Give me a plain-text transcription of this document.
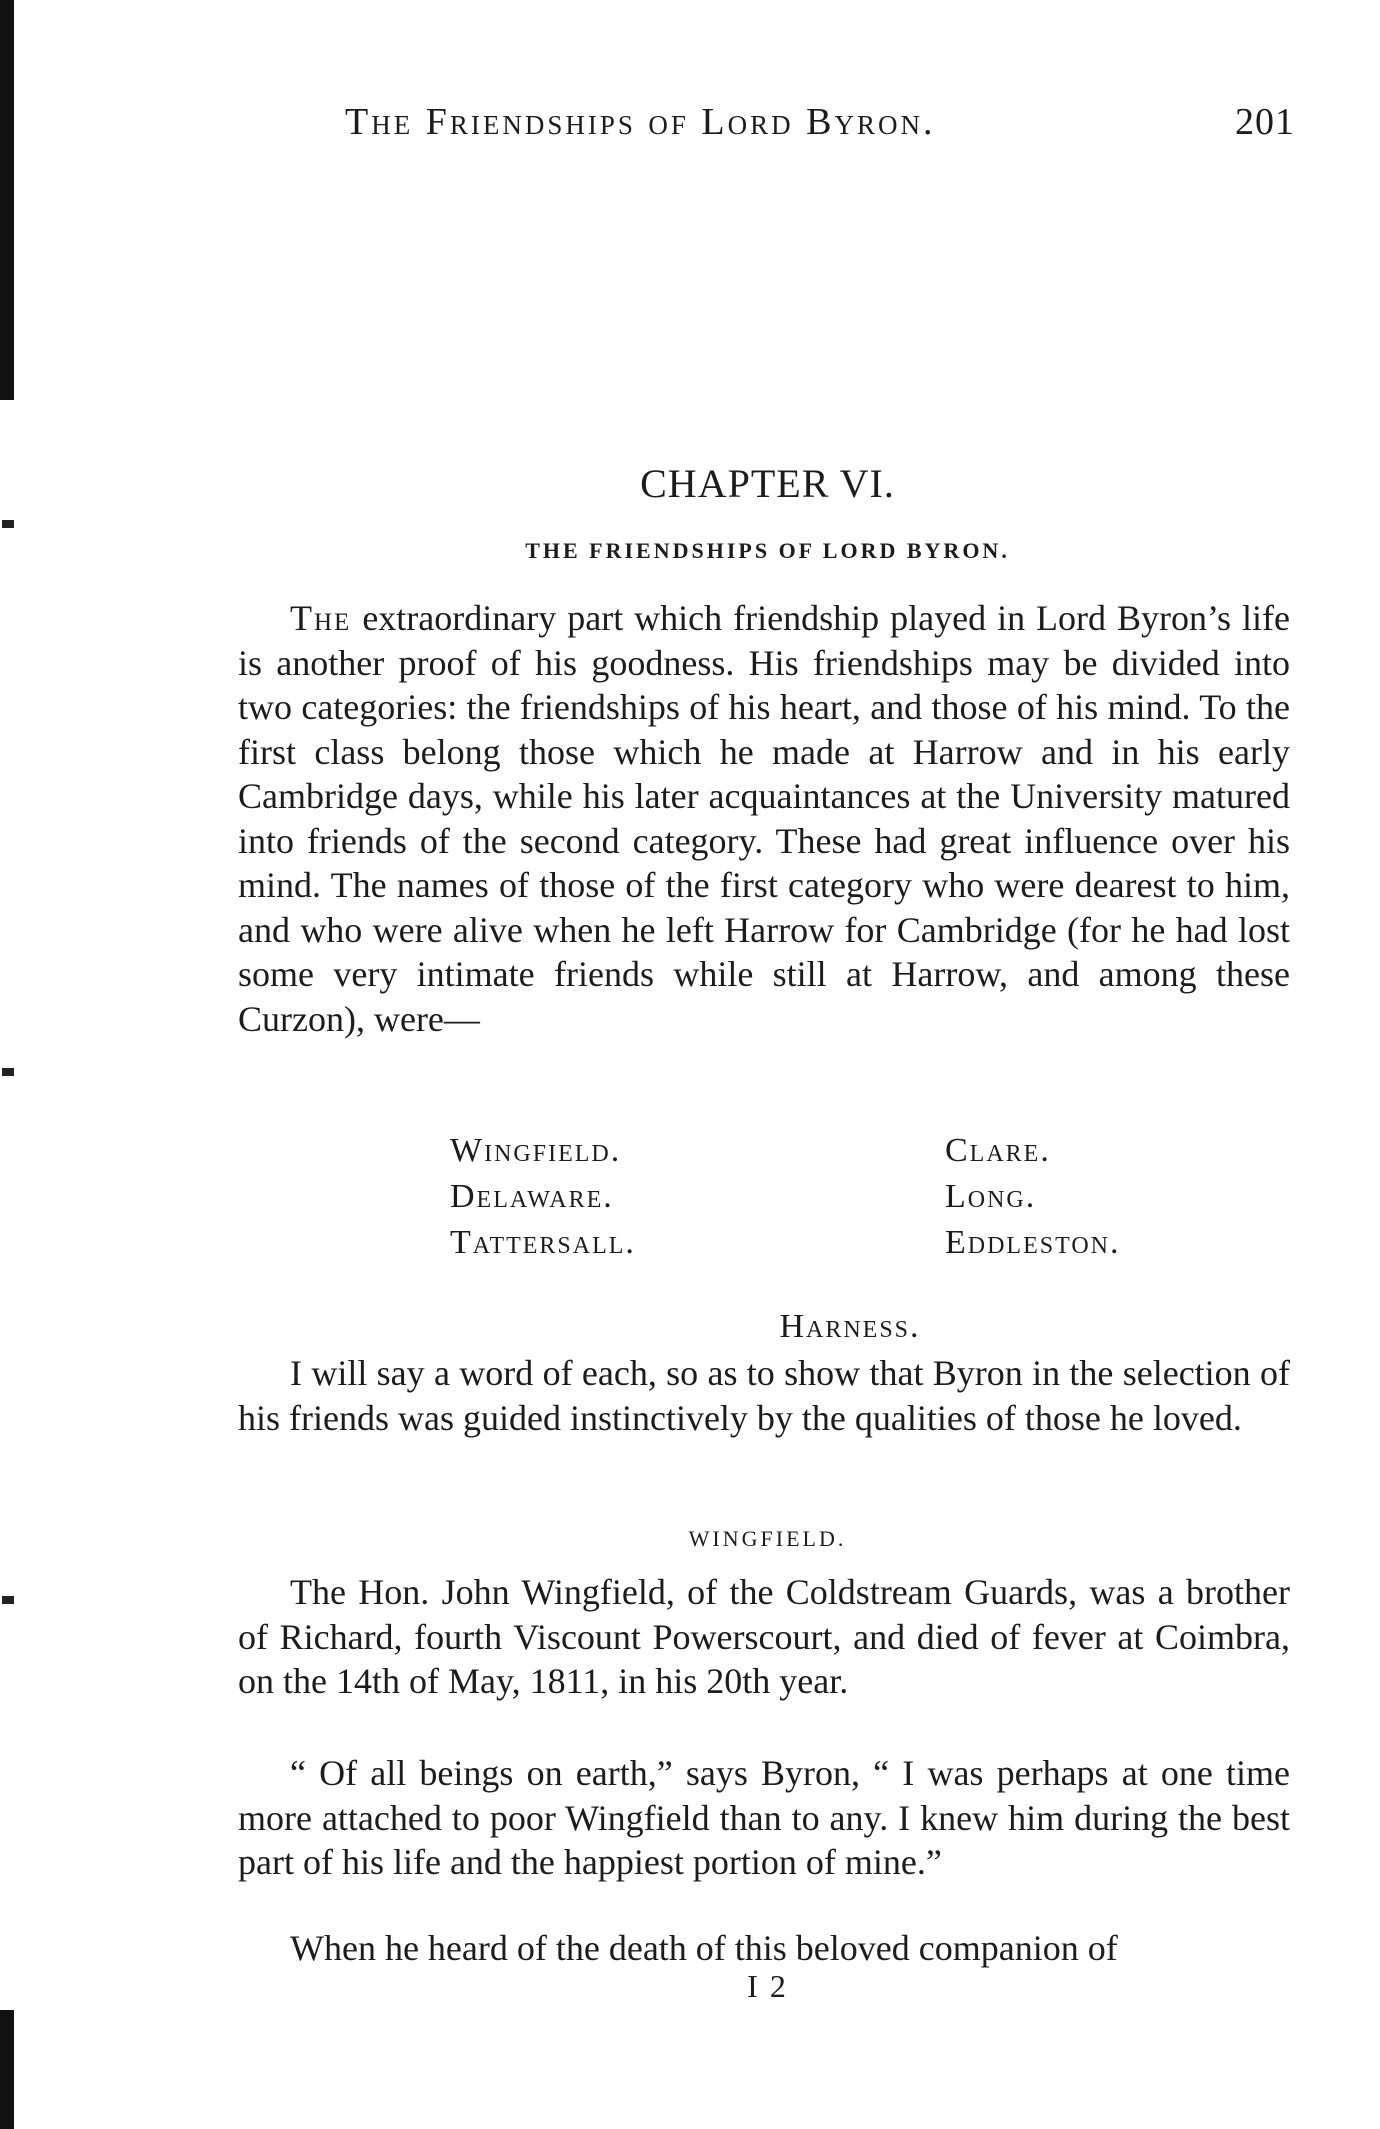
The Friendships of Lord Byron.	201
CHAPTER VI.
THE FRIENDSHIPS OF LORD BYRON.

The extraordinary part which friendship played in Lord Byron’s life is another proof of his goodness. His friendships may be divided into two categories: the friendships of his heart, and those of his mind. To the first class belong those which he made at Harrow and in his early Cambridge days, while his later acquaintances at the University matured into friends of the second category. These had great influence over his mind. The names of those of the first category who were dearest to him, and who were alive when he left Harrow for Cambridge (for he had lost some very intimate friends while still at Harrow, and among these Curzon), were—

Wingfield.
Delaware.
Tattersall.
Clare.
Long.
Eddleston.
Harness.

I will say a word of each, so as to show that Byron in the selection of his friends was guided instinctively by the qualities of those he loved.

WINGFIELD.

The Hon. John Wingfield, of the Coldstream Guards, was a brother of Richard, fourth Viscount Powerscourt, and died of fever at Coimbra, on the 14th of May, 1811, in his 20th year.

“ Of all beings on earth,” says Byron, “ I was perhaps at one time more attached to poor Wingfield than to any. I knew him during the best part of his life and the happiest portion of mine.”

When he heard of the death of this beloved companion of

I 2
